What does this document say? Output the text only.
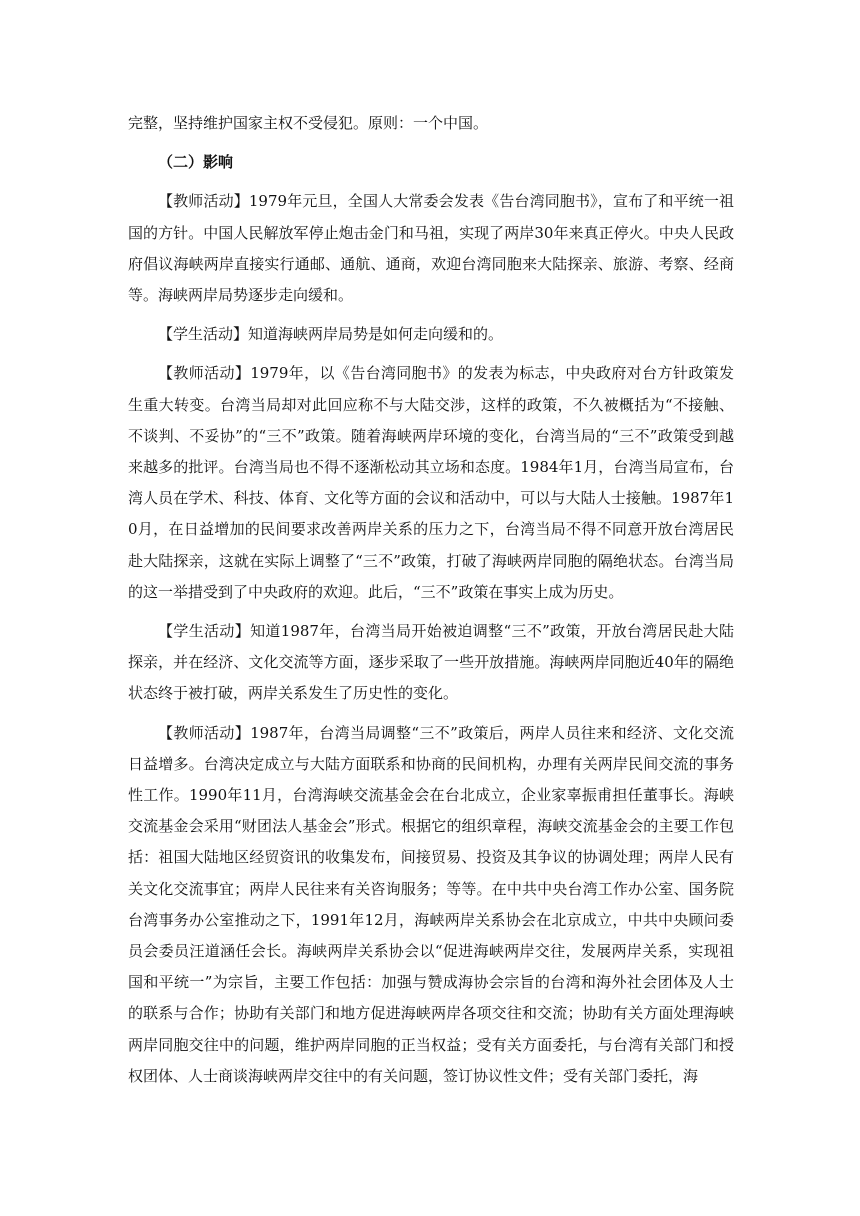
完整，坚持维护国家主权不受侵犯。原则：一个中国。

（二）影响

【教师活动】1979年元旦，全国人大常委会发表《告台湾同胞书》，宣布了和平统一祖国的方针。中国人民解放军停止炮击金门和马祖，实现了两岸30年来真正停火。中央人民政府倡议海峡两岸直接实行通邮、通航、通商，欢迎台湾同胞来大陆探亲、旅游、考察、经商等。海峡两岸局势逐步走向缓和。

【学生活动】知道海峡两岸局势是如何走向缓和的。

【教师活动】1979年，以《告台湾同胞书》的发表为标志，中央政府对台方针政策发生重大转变。台湾当局却对此回应称不与大陆交涉，这样的政策，不久被概括为“不接触、不谈判、不妥协”的“三不”政策。随着海峡两岸环境的变化，台湾当局的“三不”政策受到越来越多的批评。台湾当局也不得不逐渐松动其立场和态度。1984年1月，台湾当局宣布，台湾人员在学术、科技、体育、文化等方面的会议和活动中，可以与大陆人士接触。1987年10月，在日益增加的民间要求改善两岸关系的压力之下，台湾当局不得不同意开放台湾居民赴大陆探亲，这就在实际上调整了“三不”政策，打破了海峡两岸同胞的隔绝状态。台湾当局的这一举措受到了中央政府的欢迎。此后，“三不”政策在事实上成为历史。

【学生活动】知道1987年，台湾当局开始被迫调整“三不”政策，开放台湾居民赴大陆探亲，并在经济、文化交流等方面，逐步采取了一些开放措施。海峡两岸同胞近40年的隔绝状态终于被打破，两岸关系发生了历史性的变化。

【教师活动】1987年，台湾当局调整“三不”政策后，两岸人员往来和经济、文化交流日益增多。台湾决定成立与大陆方面联系和协商的民间机构，办理有关两岸民间交流的事务性工作。1990年11月，台湾海峡交流基金会在台北成立，企业家辜振甫担任董事长。海峡交流基金会采用“财团法人基金会”形式。根据它的组织章程，海峡交流基金会的主要工作包括：祖国大陆地区经贸资讯的收集发布，间接贸易、投资及其争议的协调处理；两岸人民有关文化交流事宜；两岸人民往来有关咨询服务；等等。在中共中央台湾工作办公室、国务院台湾事务办公室推动之下，1991年12月，海峡两岸关系协会在北京成立，中共中央顾问委员会委员汪道涵任会长。海峡两岸关系协会以“促进海峡两岸交往，发展两岸关系，实现祖国和平统一”为宗旨，主要工作包括：加强与赞成海协会宗旨的台湾和海外社会团体及人士的联系与合作；协助有关部门和地方促进海峡两岸各项交往和交流；协助有关方面处理海峡两岸同胞交往中的问题，维护两岸同胞的正当权益；受有关方面委托，与台湾有关部门和授权团体、人士商谈海峡两岸交往中的有关问题，签订协议性文件；受有关部门委托，海
